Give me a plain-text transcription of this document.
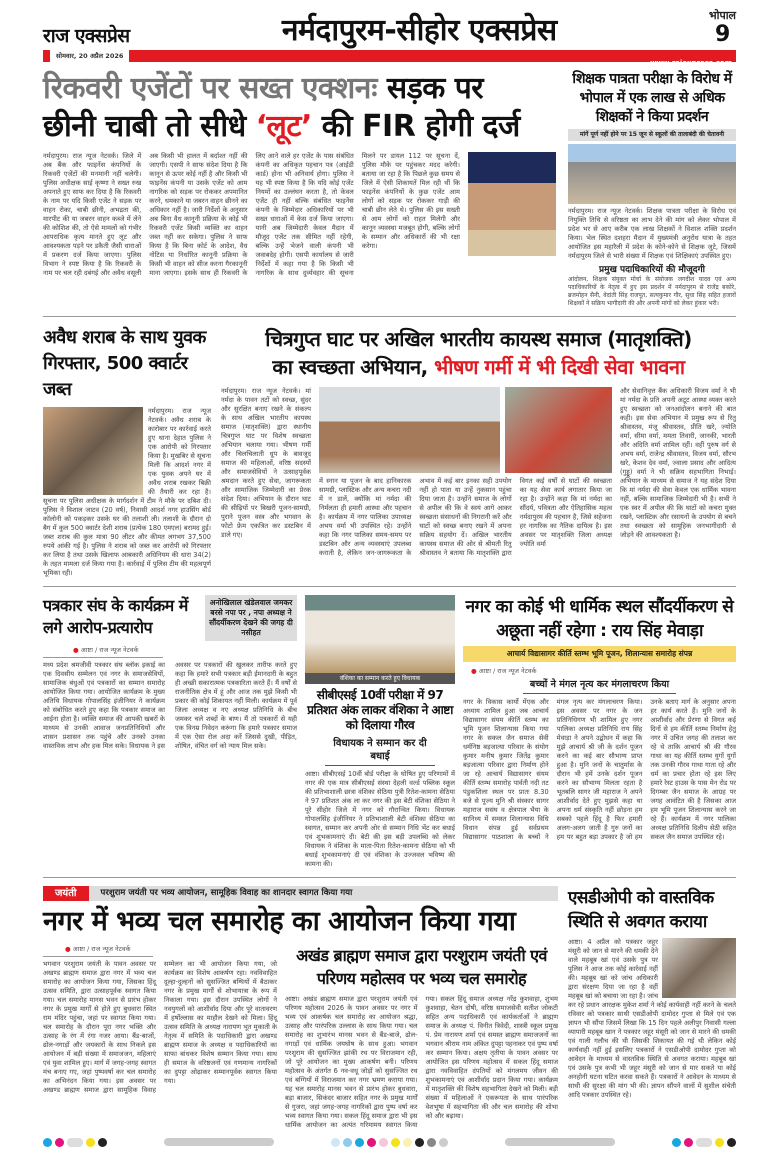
राज एक्सप्रेस	नर्मदापुरम-सीहोर एक्सप्रेस	भोपाल
9
सोमवार, 20 अप्रैल 2026
www.rajexpress.com
रिकवरी एजेंटों पर सख्त एक्शनः सड़क पर
छीनी चाबी तो सीधे ‘लूट’ की FIR होगी दर्ज
नर्मदापुरम। राज न्यूज नेटवर्क। जिले में अब बैंक और फाइनेंस कंपनियों के रिकवरी एजेंटों की मनमानी नहीं चलेगी। पुलिस अधीक्षक साई कृष्णा ने सख्त रुख अपनाते हुए साफ कर दिया है कि रिकवरी के नाम पर यदि किसी एजेंट ने सड़क पर वाहन रोका, चाबी छीनी, अभद्रता की, मारपीट की या जबरन वाहन कब्जे में लेने की कोशिश की, तो ऐसे मामलों को गंभीर आपराधिक कृत्य मानते हुए लूट और आवश्यकता पड़ने पर डकैती जैसी धाराओं में प्रकरण दर्ज किया जाएगा। पुलिस विभाग ने स्पष्ट किया है कि रिकवरी के नाम पर चल रही दबंगई और अवैध वसूली अब किसी भी हालत में बर्दाश्त नहीं की जाएगी। एसपी ने साफ संदेश दिया है कि कानून से ऊपर कोई नहीं है और किसी भी फाइनेंस कंपनी या उसके एजेंट को आम नागरिक को सड़क पर रोककर अपमानित करने, धमकाने या जबरन वाहन छीनने का अधिकार नहीं है। जारी निर्देशों के अनुसार अब बिना वैध कानूनी प्रक्रिया के कोई भी रिकवरी एजेंट किसी व्यक्ति का वाहन जब्त नहीं कर सकेगा। पुलिस ने साफ किया है कि बिना कोर्ट के आदेश, वैध नोटिस या निर्धारित कानूनी प्रक्रिया के किसी भी वाहन को सीज करना गैरकानूनी माना जाएगा। इसके साथ ही रिकवरी के लिए आने वाले हर एजेंट के पास संबंधित कंपनी का अधिकृत पहचान पत्र (आईडी कार्ड) होना भी अनिवार्य होगा। पुलिस ने यह भी स्पष्ट किया है कि यदि कोई एजेंट नियमों का उल्लंघन करता है, तो केवल एजेंट ही नहीं बल्कि संबंधित फाइनेंस कंपनी के जिम्मेदार अधिकारियों पर भी सख्त धाराओं में केस दर्ज किया जाएगा। यानी अब जिम्मेदारी केवल मैदान में मौजूद एजेंट तक सीमित नहीं रहेगी, बल्कि उन्हें भेजने वाली कंपनी भी जवाबदेह होगी। एसपी कार्यालय से जारी निर्देशों में कहा गया है कि किसी भी नागरिक के साथ दुर्व्यवहार की सूचना मिलने पर डायल 112 पर सूचना दें, पुलिस मौके पर पहुंचकर मदद करेगी। बताया जा रहा है कि पिछले कुछ समय से जिले में ऐसी शिकायतें मिल रही थीं कि फाइनेंस कंपनियों के कुछ एजेंट आम लोगों को सड़क पर रोककर गाड़ी की चाबी छीन लेते थे। पुलिस की इस सख्ती से आम लोगों को राहत मिलेगी और कानून व्यवस्था मजबूत होगी, बल्कि लोगों के सम्मान और अधिकारों की भी रक्षा करेगा।
शिक्षक पात्रता परीक्षा के विरोध में भोपाल में एक लाख से अधिक शिक्षकों ने किया प्रदर्शन
मांगें पूर्ण नहीं होने पर 15 जून से स्कूलों की तालाबंदी की चेतावनी
नर्मदापुरम। राज न्यूज नेटवर्क। शिक्षक पात्रता परीक्षा के विरोध एवं नियुक्ति तिथि से वरिष्ठता का लाभ देने की मांग को लेकर भोपाल में प्रदेश भर से आए करीब एक लाख शिक्षकों ने विशाल शक्ति प्रदर्शन किया। भेल स्थित दशहरा मैदान में मुख्यमंत्री अनुरोध यात्रा के तहत आयोजित इस महारैली में प्रदेश के कोने-कोने से शिक्षक जुटे, जिसमें नर्मदापुरम जिले से भारी संख्या में शिक्षक एवं शिक्षिकाएं उपस्थित हुए।
प्रमुख पदाधिकारियों की मौजूदगी
आंदोलन, शिक्षक संयुक्त मोर्चा के संयोजक जगदीश यादव एवं अन्य पदाधिकारियों के नेतृत्व में हुए इस प्रदर्शन में नर्मदापुरम से राजेंद्र बकोरे, ब्रजमोहन सैनी, वेदांती सिंह राजपूत, सत्यकुमार गौर, सुधा सिंह सहित हजारों शिक्षकों ने सक्रिय भागीदारी की और अपनी मांगों को लेकर हुंकार भरी।
अवैध शराब के साथ युवक गिरफ्तार, 500 क्वार्टर जब्त
नर्मदापुरम। राज न्यूज नेटवर्क। अवैध शराब के कारोबार पर कार्रवाई करते हुए थाना देहात पुलिस ने एक आरोपी को गिरफ्तार किया है। मुखबिर से सूचना मिली कि आदर्श नगर में एक युवक अपने घर में अवैध शराब रखकर बिक्री की तैयारी कर रहा है। सूचना पर पुलिस अधीक्षक के मार्गदर्शन में टीम ने मौके पर दबिश दी। पुलिस ने विशाल जाटव (20 वर्ष), निवासी आदर्श नगर हाउसिंग बोर्ड कॉलोनी को पकड़कर उसके घर की तलाशी ली। तलाशी के दौरान दो बैग में कुल 500 क्वार्टर देशी शराब (प्रत्येक 180 एमएल) बरामद हुई। जब्त शराब की कुल मात्रा 90 लीटर और कीमत लगभग 37,500 रुपये आंकी गई है। पुलिस ने शराब को जब्त कर आरोपी को गिरफ्तार कर लिया है तथा उसके खिलाफ आबकारी अधिनियम की धारा 34(2) के तहत मामला दर्ज किया गया है। कार्रवाई में पुलिस टीम की महत्वपूर्ण भूमिका रही।
चित्रगुप्त घाट पर अखिल भारतीय कायस्थ समाज (मातृशक्ति)
का स्वच्छता अभियान, भीषण गर्मी में भी दिखी सेवा भावना
नर्मदापुरम। राज न्यूज नेटवर्क। मां नर्मदा के पावन तटों को स्वच्छ, सुंदर और सुरक्षित बनाए रखने के संकल्प के साथ अखिल भारतीय कायस्थ समाज (मातृशक्ति) द्वारा स्थानीय चित्रगुप्त घाट पर विशेष स्वच्छता अभियान चलाया गया। भीषण गर्मी और चिलचिलाती धूप के बावजूद समाज की महिलाओं, वरिष्ठ सदस्यों और समाजसेवियों ने उत्साहपूर्वक श्रमदान करते हुए सेवा, जागरूकता और सामाजिक जिम्मेदारी का प्रेरक संदेश दिया। अभियान के दौरान घाट की सीढ़ियों पर बिखरी पूजन-सामग्री, पुराने पूजन वस्त्र और भगवान के फोटो फ्रेम एकत्रित कर डस्टबिन में डाले गए।
में स्नान या पूजन के बाद हानिकारक सामग्री, प्लास्टिक और अन्य कचरा नदी में न डालें, क्योंकि मां नर्मदा की निर्मलता ही हमारी आस्था और पहचान है। कार्यक्रम में नगर पालिका उपाध्यक्ष अभय वर्मा भी उपस्थित रहे। उन्होंने कहा कि नगर पालिका समय-समय पर डस्टबिन और अन्य व्यवस्थाएं उपलब्ध कराती है, लेकिन जन-जागरूकता के अभाव में कई बार इनका सही उपयोग नहीं हो पाता या उन्हें नुकसान पहुंचा दिया जाता है। उन्होंने समाज के लोगों से अपील की कि वे स्वयं आगे आकर स्वच्छता संसाधनों की निगरानी करें और घाटों को स्वच्छ बनाए रखने में अपना सक्रिय सहयोग दें। अखिल भारतीय कायस्थ समाज की ओर से श्रीमती रितु श्रीवास्तव ने बताया कि मातृशक्ति द्वारा विगत कई वर्षों से घाटों की स्वच्छता का यह सेवा कार्य लगातार किया जा रहा है। उन्होंने कहा कि मां नर्मदा का सौंदर्य, पवित्रता और ऐतिहासिक महत्व नर्मदापुरम की पहचान है, जिसे सहेजना हर नागरिक का नैतिक दायित्व है। इस अवसर पर मातृशक्ति जिला अध्यक्ष ज्योति वर्मा
और सेवानिवृत्त बैंक अधिकारी विजय वर्मा ने भी मां नर्मदा के प्रति अपनी अटूट आस्था व्यक्त करते हुए स्वच्छता को जनआंदोलन बनाने की बात कही। इस सेवा अभियान में प्रमुख रूप से रितु श्रीवास्तव, मंजू श्रीवास्तव, प्रीति खरे, ज्योति वर्मा, सीमा वर्मा, ममता तिवारी, जानकी, भारती और अदिति वर्मा शामिल रहीं। वहीं पुरुष वर्ग से अभय वर्मा, राजेन्द्र श्रीवास्तव, विजय वर्मा, सौरभ खरे, केशव देव वर्मा, ज्वाला प्रसाद और आदित्य (गुड्डू) वर्मा ने भी सक्रिय सहभागिता निभाई। अभियान के माध्यम से समाज ने यह संदेश दिया कि मां नर्मदा की सेवा केवल एक धार्मिक भावना नहीं, बल्कि सामाजिक जिम्मेदारी भी है। सभी ने एक स्वर में अपील की कि घाटों को कचरा मुक्त रखने, प्लास्टिक और रसायनों के उपयोग से बचने तथा स्वच्छता को सामूहिक जनभागीदारी से जोड़ने की आवश्यकता है।
पत्रकार संघ के कार्यक्रम में लगे आरोप-प्रत्यारोप
अनोखिलाल खंडेलवाल जमकर बरसे नपा पर , नपा अध्यक्ष ने सौंदर्यीकरण देखने की जगह दी नसीहत
● आष्टा / राज न्यूज नेटवर्क
मध्य प्रदेश श्रमजीवी पत्रकार संघ ब्लॉक इकाई का एक दिवसीय सम्मेलन एवं नगर के समाजसेवियों, सामाजिक बंधुओं एवं पत्रकारों का सम्मान समारोह आयोजित किया गया। आयोजित कार्यक्रम के मुख्य अतिथि विधायक गोपालसिंह इंजीनियर ने कार्यक्रम को संबोधित करते हुए कहा कि पत्रकार समाज का आईना होता है। व्यक्ति समाज की आपकी खबरों के माध्यम से उनकी आवाज जनप्रतिनिधियों और शासन प्रशासन तक पहुंचे और उनको उनका वास्तविक लाभ और हक मिल सके। विधायक ने इस अवसर पर पत्रकारों की खुलकर तारीफ करते हुए कहा कि हमारे सभी पत्रकार बड़ी ईमानदारी के बहुत ही अच्छी सकारात्मक पत्रकारिता करते हैं। मैं वर्षों से राजनीतिक क्षेत्र में हूं और आज तक मुझे किसी भी प्रकार की कोई शिकायत नहीं मिली। कार्यक्रम में पूर्व जिला अध्यक्ष व नए अध्यक्ष प्रतिनिधि के बीच जमकर चले शब्दों के बाण। मैं तो पत्रकारों से यही एक विनम्र निवेदन करूंगा कि हमारे पत्रकार समाज में एक ऐसा रोल अदा करें जिससे दुखी, पीड़ित, शोषित, वंचित वर्ग को न्याय मिल सके।
वंशिका का सम्मान करते हुए विधायक
सीबीएसई 10वीं परीक्षा में 97 प्रतिशत अंक लाकर वंशिका ने आष्टा को दिलाया गौरव
विधायक ने सम्मान कर दी बधाई
आष्टा। सीबीएसई 10वीं बोर्ड परीक्षा के घोषित हुए परिणामों में नगर की एक मात्र सीबीएसई संस्था देहली वर्ल्ड पब्लिक स्कूल की प्रतिभाशाली छात्रा वंशिका सेठिया पुत्री रितेश-कामना सेठिया ने 97 प्रतिशत अंक ला कर नगर की इस बेटी वंशिका सेठिया ने पूरे सीहोर जिले में नगर को गौरान्वित किया। विधायक गोपालसिंह इंजीनियर ने प्रतिभाशाली बेटी वंशिका सेठिया का स्वागत, सम्मान कर अपनी ओर से सम्मान निधि भेंट कर बधाई एवं शुभकामनाएं दी। बेटी की इस बड़ी उपलब्धि को लेकर विधायक ने वंशिका के माता-पिता रितेश-कामना सेठिया को भी बधाई शुभकामनाएं दी एवं वंशिका के उज्जवल भविष्य की कामना की।
नगर का कोई भी धार्मिक स्थल सौंदर्यीकरण से अछूता नहीं रहेगा : राय सिंह मेवाड़ा
आचार्य विद्यासागर कीर्ति स्तम्भ भूमि पूजन, शिलान्यास समारोह संपन्न
● आष्टा / राज न्यूज नेटवर्क
बच्चों ने मंगल नृत्य कर मंगलाचरण किया
नगर के विकास कार्यो मेंएक और अध्याय शामिल हुआ जब आचार्य विद्यासागर संयम कीर्ति स्तम्भ का भूमि पूजन शिलान्यास किया गया नगर के सकल जैन समाज सेवी धर्मनिष्ठ बड़जात्या परिवार के संयोग कुमार मनीष कुमार जितेंद्र कुमार बड़जात्या परिवार द्वारा निर्माण होने जा रहे आचार्य विद्यासागर संयम कीर्ति स्तम्भ समारोह पार्वती नदी तट पंडुकशिला स्थल पर प्रातः 8.30 बजे से पूज्य मुनि श्री संस्कार सागर महाराज ससंघ व क्षेत्रपाल भैया के सानिध्य में समस्त शिलान्यास विधि विधान संपन्न हुई सर्वप्रथम विद्यासागर पाठशाला के बच्चों ने मंगल नृत्य कर मंगलाचरण किया। इस अवसर पर नगर के जन प्रतिनिधिगण भी शामिल हुए नगर पालिका अध्यक्ष प्रतिनिधि राय सिंह मेवाड़ा ने अपने उद्बोधन में कहा कि मुझे आचार्य श्री जी के दर्शन पूजन करने का कई बार सौभाग्य प्राप्त हुआ है। मुनि जनों के चातुर्मास के दौरान भी हमें उनके दर्शन पूजन करने का सौभाग्य मिलता रहता है भूतबलि सागर जी महाराज ने अपने आशीर्वाद देते हुए मुझसे कहा था अपना धर्म संस्कृति नहीं छोड़ना हम सबको पहले हिंदू है फिर हमारी अलग-अलग जाती है गुरु जनों का हम पर बहुत बड़ा उपकार है जो हम उनके बताए मार्ग के अनुसार अपना हर कार्य करते हैं। मुनि जनों के आशीर्वाद और प्रेरणा से विगत कई दिनों से हम कीर्ति स्तम्भ निर्माण हेतु नगर में उचित जगह की तलाश कर रहे थे ताकि आचार्य श्री की गौरव गाथा का यह कीर्ति स्तम्भ युगों युगों तक उनकी गौरव गाथा गाता रहे और धर्म का प्रचार होता रहे इस लिए हमारे रेस्ट हाउस के पास मेन रोड पर दिगम्बर जैन समाज के आग्रह पर जगह आवंटित की है जिसका आज हम भूमि पूजन शिलान्यास करने जा रहे हैं। कार्यक्रम में नगर पालिका अध्यक्ष प्रतिनिधि दिलीप सेठी सहित सकल जैन समाज उपस्थित रहे।
जयंती	परशुराम जयंती पर भव्य आयोजन, सामूहिक विवाह का शानदार स्वागत किया गया
नगर में भव्य चल समारोह का आयोजन किया गया
● आष्टा / राज न्यूज नेटवर्क
भगवान परशुराम जयंती के पावन अवसर पर अखण्ड ब्राह्मण समाज द्वारा नगर में भव्य चल समारोह का आयोजन किया गया, जिसका हिंदू उत्सव समिति, द्वारा उत्साहपूर्वक स्वागत किया गया। चल समारोह मानस भवन से प्रारंभ होकर नगर के प्रमुख मार्गों से होते हुए बुधवारा स्थित राम मंदिर पहुंचा, जहां पर स्वागत किया गया। चल समारोह के दौरान पूरा नगर भक्ति और उत्साह के रंग में रंगा नजर आया। बैंड-बाजों, ढोल-नगाड़ों और जयकारों के साथ निकले इस आयोजन में बड़ी संख्या में समाजजन, महिलाएं एवं युवा शामिल हुए। मार्ग में जगह-जगह स्वागत मंच बनाए गए, जहां पुष्पवर्षा कर चल समारोह का अभिनंदन किया गया। इस अवसर पर अखण्ड ब्राह्मण समाज द्वारा सामूहिक विवाह सम्मेलन का भी आयोजन किया गया, जो कार्यक्रम का विशेष आकर्षण रहा। नवविवाहित दूल्हा-दुल्हनों को सुसज्जित बग्घियों में बैठाकर नगर के प्रमुख मार्गों से शोभायात्रा के रूप में निकाला गया। इस दौरान उपस्थित लोगों ने नवयुगलों को आशीर्वाद दिया और पूरे वातावरण में हर्षोल्लास का माहौल देखने को मिला। हिंदू उत्सव समिति के अध्यक्ष नारायण भूत मुकाती के नेतृत्व में समिति के पदाधिकारी द्वारा अखण्ड ब्राह्मण समाज के अध्यक्ष व पदाधिकारियों का साफा बांधकर विशेष सम्मान किया गया। साथ ही समाज के वरिष्ठजनों एवं गणमान्य नागरिकों का दुपट्टा ओढ़ाकर सम्मानपूर्वक स्वागत किया गया।
अखंड ब्राह्मण समाज द्वारा परशुराम जयंती एवं परिणय महोत्सव पर भव्य चल समारोह
आष्टा। अखंड ब्राह्मण समाज द्वारा परशुराम जयंती एवं परिणय महोत्सव 2026 के पावन अवसर पर नगर में भव्य एवं आकर्षक चल समारोह का आयोजन श्रद्धा, उत्साह और पारंपरिक उल्लास के साथ किया गया। चल समारोह का शुभारंभ मानस भवन से बैंड-बाजे, ढोल-नगाड़ों एवं धार्मिक जयघोष के साथ हुआ। भगवान परशुराम की सुसज्जित झांकी रथ पर विराजमान रही, जो पूरे आयोजन का मुख्य आकर्षण बनी। परिणय महोत्सव के अंतर्गत 6 नव-वधू जोड़ों को सुसज्जित रथ एवं बग्गियों में विराजमान कर नगर भ्रमण कराया गया। यह चल समारोह मानस भवन से प्रारंभ होकर बुधवारा, बड़ा बाजार, सिकंदर बाजार सहित नगर के प्रमुख मार्गों से गुजरा, जहां जगह-जगह नागरिकों द्वारा पुष्प वर्षा कर भव्य स्वागत किया गया। सकल हिंदू समाज द्वारा भी इस धार्मिक आयोजन का अत्यंत गरिमामय स्वागत किया गया। सकल हिंदू समाज अध्यक्ष नरेंद्र कुशवाहा, शुभम कुशवाहा, चेतन दोषी, वरिष्ठ समाजसेवी सतीश जोकटी सहित अन्य पदाधिकारी एवं कार्यकर्ताओं ने ब्राह्मण समाज के अध्यक्ष पं. विनीत त्रिवेदी, शास्त्री स्कूल प्रमुख पं. प्रेम नारायण शर्मा एवं समस्त ब्राह्मण समाजजनों का भगवान श्रीराम नाम अंकित दुपट्टा पहनाकर एवं पुष्प वर्षा कर सम्मान किया। अक्षय तृतीया के पावन अवसर पर आयोजित इस परिणय महोत्सव में सकल हिंदू समाज द्वारा नवविवाहित दंपतियों को मंगलमय जीवन की शुभकामनाएं एवं आशीर्वाद प्रदान किया गया। कार्यक्रम में मातृशक्ति की विशेष सहभागिता देखने को मिली। बड़ी संख्या में महिलाओं ने एकरूपता के साथ पारंपरिक वेशभूषा में सहभागिता की और चल समारोह की शोभा को और बढ़ाया।
एसडीओपी को वास्तविक स्थिति से अवगत कराया
आष्टा। 4 अप्रैल को पत्रकार जहूर मंसूरी को जान से मारने की धमकी देने वाले महबूब खां एवं उसके पुत्र पर पुलिस ने आज तक कोई कार्रवाई नहीं की। महबूब खां को जांच अधिकारी द्वारा संरक्षण दिया जा रहा है वहीं महबूब खां को बचाया जा रहा है। जांच कर रहे प्रधान आरक्षक मुकेश शर्मा ने कोई कार्यवाही नहीं करने के चलते रविवार को पत्रकार साथी एसडीओपी दामोदर गुप्ता से मिले एवं एक ज्ञापन भी सौंपा जिसमें लिखा कि 15 दिन पहले अलीपुर निवासी गल्ला व्यापारी महबूब खान ने पत्रकार जहूर मंसूरी को जान से मारने की धमकी एवं गाली गलौच की थी जिसकी शिकायत की गई थी लेकिन कोई कार्यवाही नहीं हुई इसलिए पत्रकारों ने एसडीओपी दामोदर गुप्ता को आवेदन के माध्यम से वास्तविक स्थिति से अवगत कराया। महबूब खां एवं उसके पुत्र कभी भी जहूर मंसूरी को जान से मार सकते या कोई अनहोनी घटना घटित करवा सकते हैं। पत्रकारों ने आवेदन के माध्यम से साथी की सुरक्षा की मांग भी की। ज्ञापन सौंपने वालों में सुशील संचेती आदि पत्रकार उपस्थित रहे।
